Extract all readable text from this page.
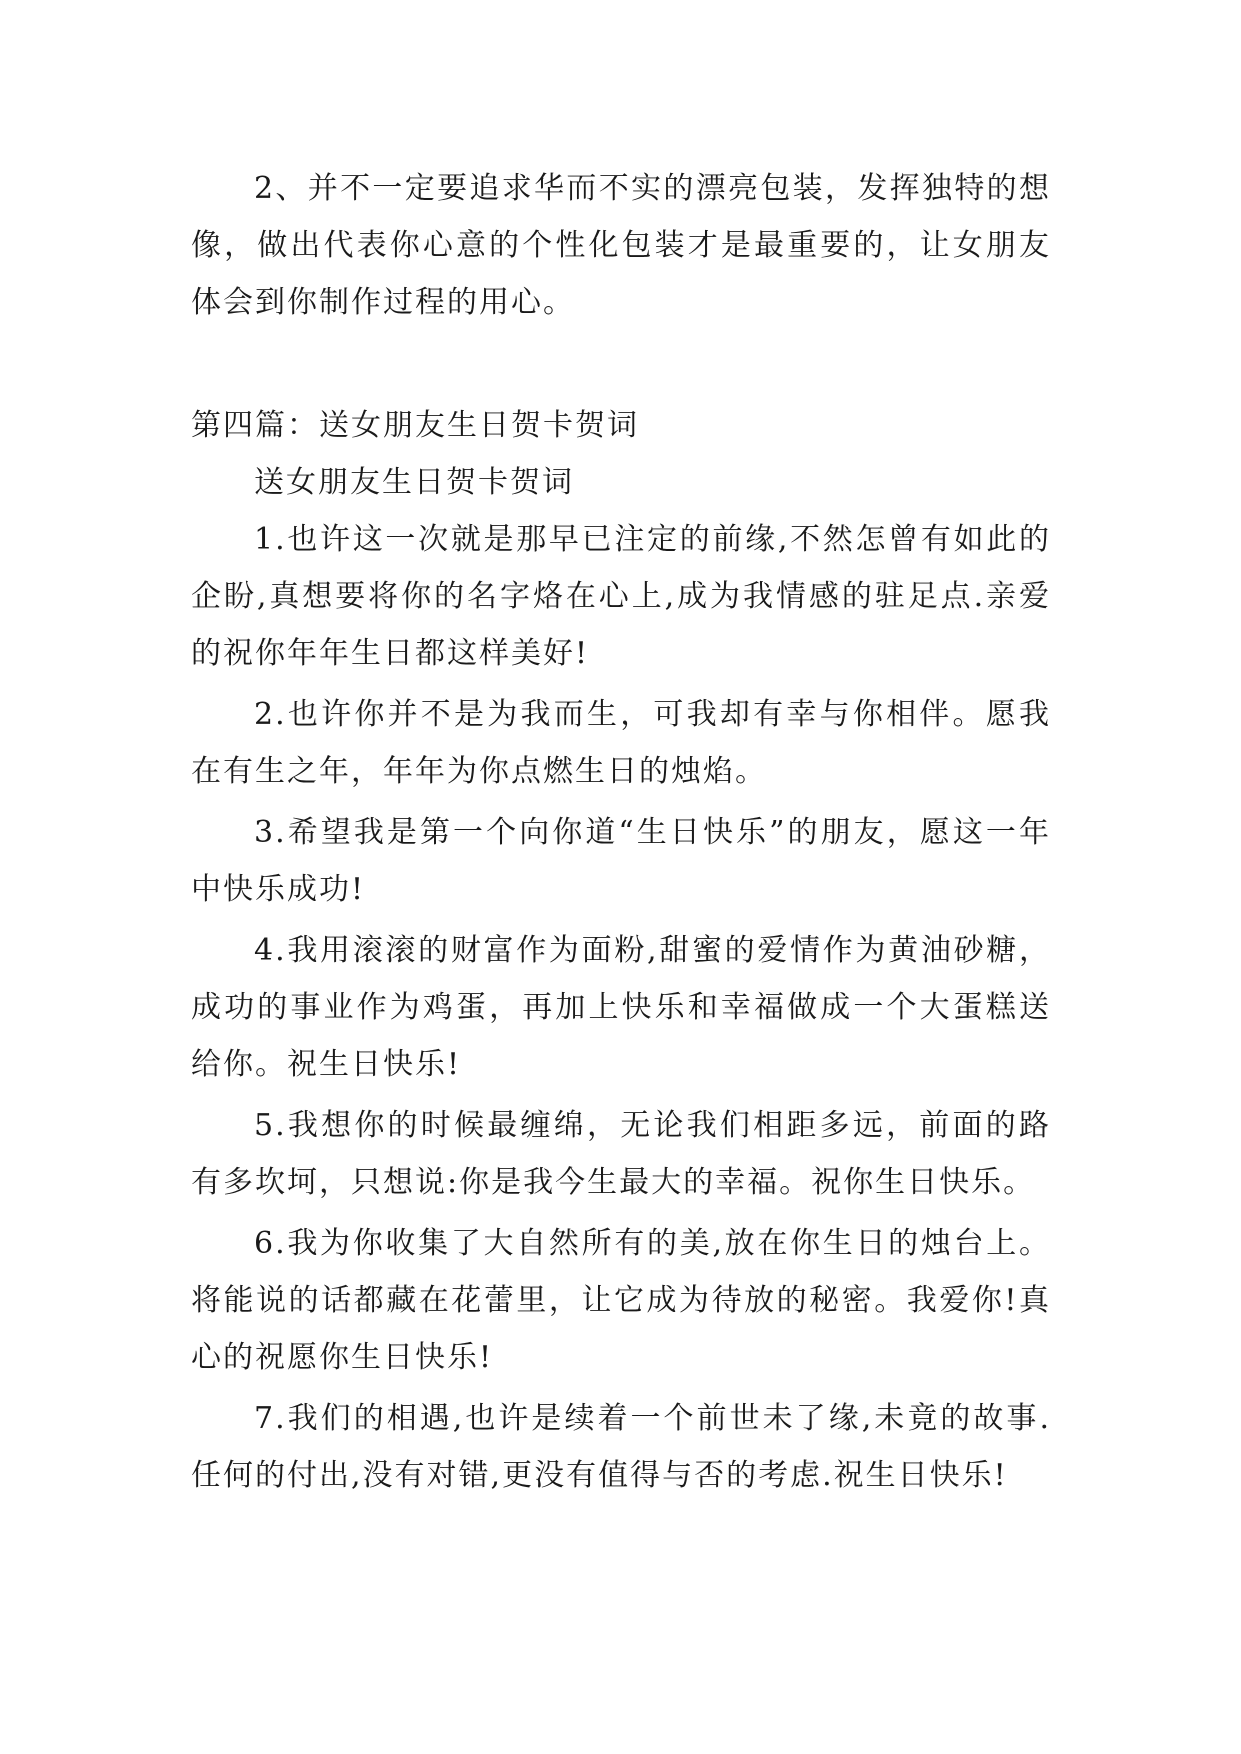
2、并不一定要追求华而不实的漂亮包装，发挥独特的想像，做出代表你心意的个性化包装才是最重要的，让女朋友体会到你制作过程的用心。

第四篇：送女朋友生日贺卡贺词

送女朋友生日贺卡贺词

1.也许这一次就是那早已注定的前缘,不然怎曾有如此的企盼,真想要将你的名字烙在心上,成为我情感的驻足点.亲爱的祝你年年生日都这样美好!

2.也许你并不是为我而生，可我却有幸与你相伴。愿我在有生之年，年年为你点燃生日的烛焰。

3.希望我是第一个向你道“生日快乐”的朋友，愿这一年中快乐成功!

4.我用滚滚的财富作为面粉,甜蜜的爱情作为黄油砂糖，成功的事业作为鸡蛋，再加上快乐和幸福做成一个大蛋糕送给你。祝生日快乐!

5.我想你的时候最缠绵，无论我们相距多远，前面的路有多坎坷，只想说:你是我今生最大的幸福。祝你生日快乐。

6.我为你收集了大自然所有的美,放在你生日的烛台上。将能说的话都藏在花蕾里，让它成为待放的秘密。我爱你!真心的祝愿你生日快乐!

7.我们的相遇,也许是续着一个前世未了缘,未竟的故事.任何的付出,没有对错,更没有值得与否的考虑.祝生日快乐!
